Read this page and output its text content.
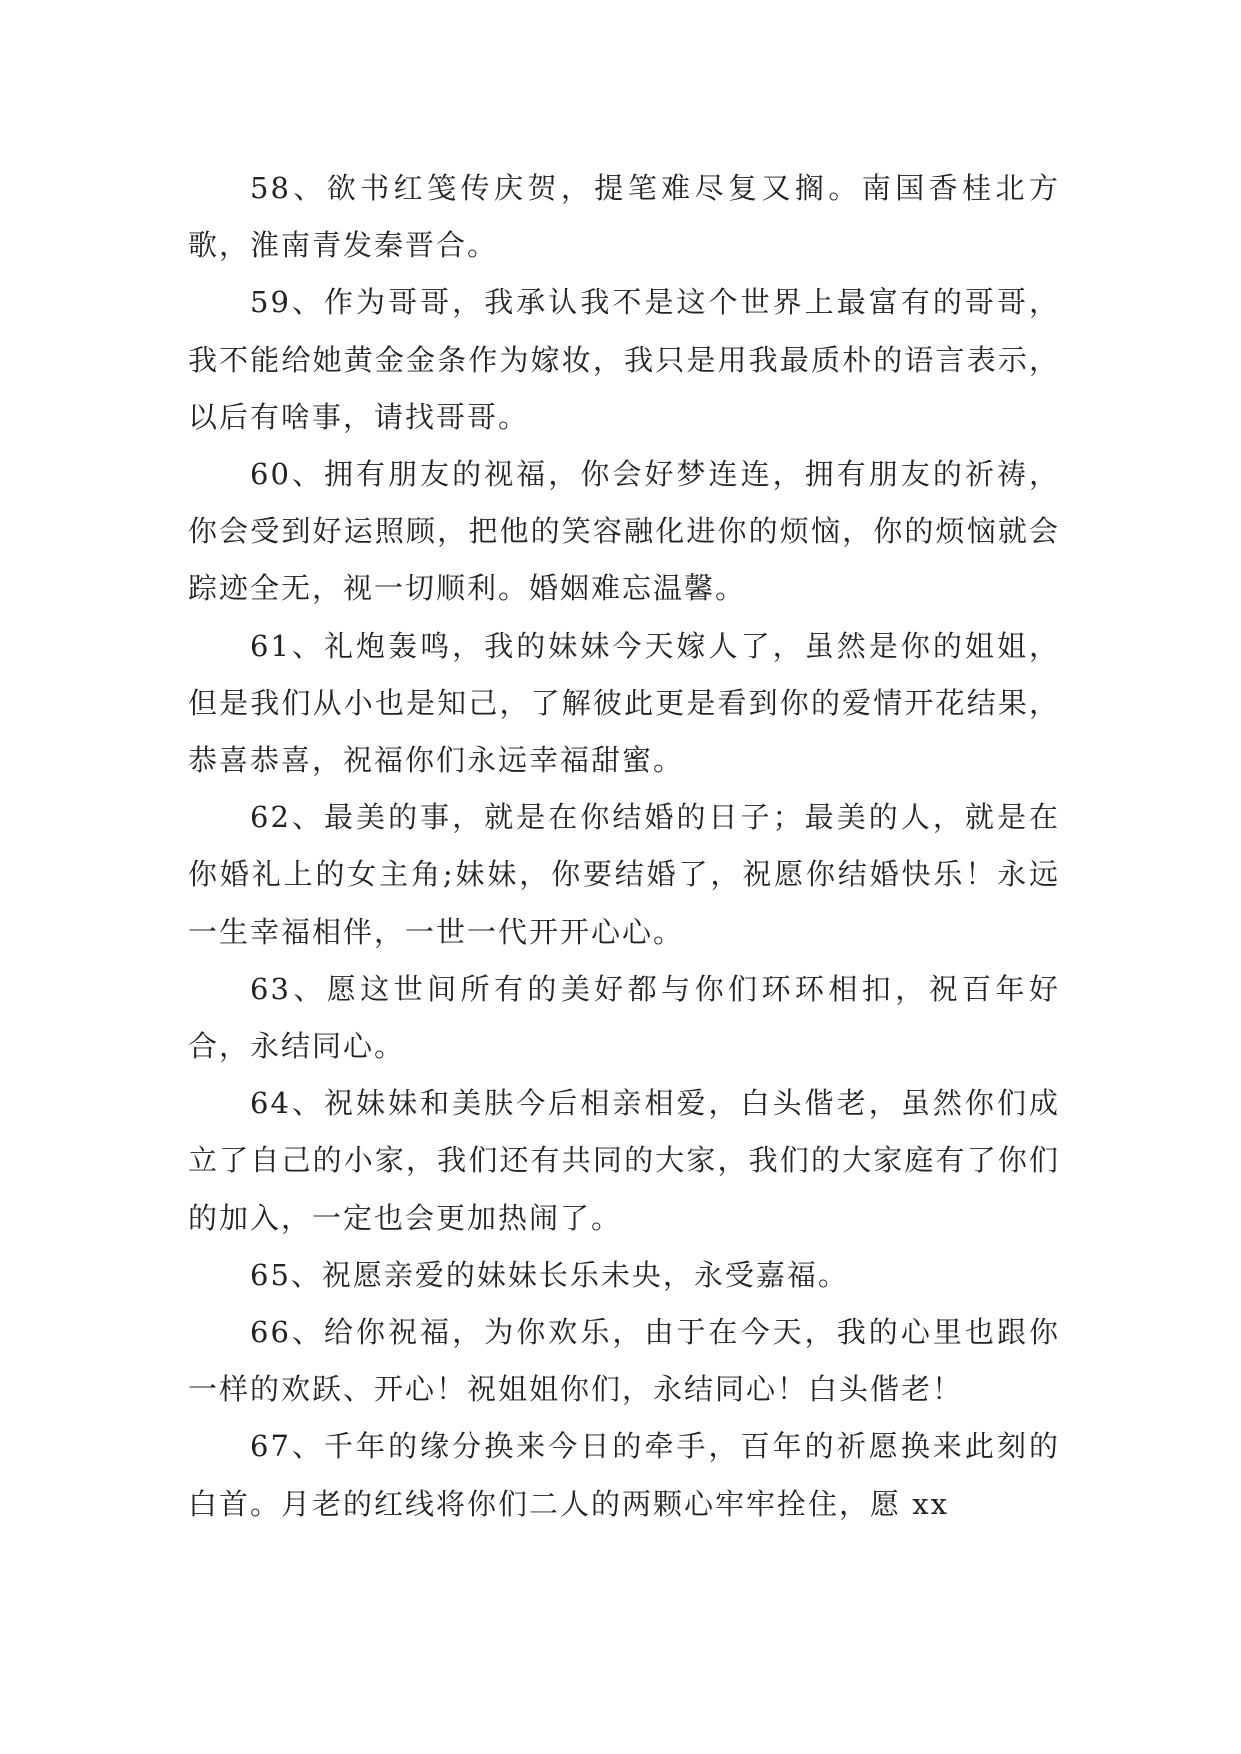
58、欲书红笺传庆贺，提笔难尽复又搁。南国香桂北方歌，淮南青发秦晋合。

59、作为哥哥，我承认我不是这个世界上最富有的哥哥，我不能给她黄金金条作为嫁妆，我只是用我最质朴的语言表示，以后有啥事，请找哥哥。

60、拥有朋友的视福，你会好梦连连，拥有朋友的祈祷，你会受到好运照顾，把他的笑容融化进你的烦恼，你的烦恼就会踪迹全无，视一切顺利。婚姻难忘温馨。

61、礼炮轰鸣，我的妹妹今天嫁人了，虽然是你的姐姐，但是我们从小也是知己，了解彼此更是看到你的爱情开花结果，恭喜恭喜，祝福你们永远幸福甜蜜。

62、最美的事，就是在你结婚的日子；最美的人，就是在你婚礼上的女主角;妹妹，你要结婚了，祝愿你结婚快乐！永远一生幸福相伴，一世一代开开心心。

63、愿这世间所有的美好都与你们环环相扣，祝百年好合，永结同心。

64、祝妹妹和美肤今后相亲相爱，白头偕老，虽然你们成立了自己的小家，我们还有共同的大家，我们的大家庭有了你们的加入，一定也会更加热闹了。

65、祝愿亲爱的妹妹长乐未央，永受嘉福。

66、给你祝福，为你欢乐，由于在今天，我的心里也跟你一样的欢跃、开心！祝姐姐你们，永结同心！白头偕老！

67、千年的缘分换来今日的牵手，百年的祈愿换来此刻的白首。月老的红线将你们二人的两颗心牢牢拴住，愿 xx
